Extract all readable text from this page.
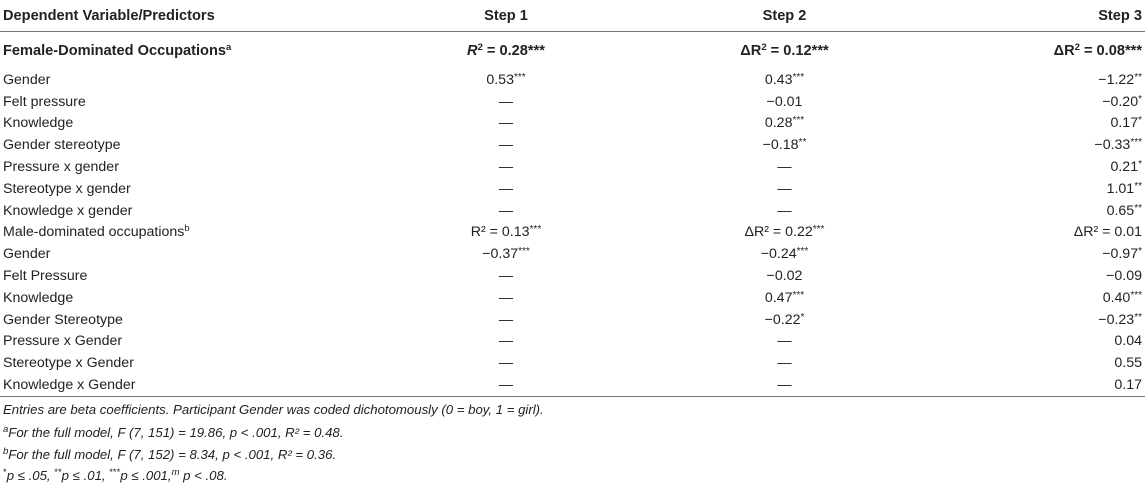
Dependent Variable/Predictors	Step 1	Step 2	Step 3
Female-Dominated Occupations$^a$	$R^2 = 0.28***$	$\Delta R^2 = 0.12***$	$\Delta R^2 = 0.08***$
Gender	0.53***	0.43***	−1.22**
Felt pressure	—	−0.01	−0.20*
Knowledge	—	0.28***	0.17*
Gender stereotype	—	−0.18**	−0.33***
Pressure x gender	—	—	0.21*
Stereotype x gender	—	—	1.01**
Knowledge x gender	—	—	0.65**
Male-dominated occupations$^b$	R² = 0.13***	ΔR² = 0.22***	ΔR² = 0.01
Gender	−0.37***	−0.24***	−0.97*
Felt Pressure	—	−0.02	−0.09
Knowledge	—	0.47***	0.40***
Gender Stereotype	—	−0.22*	−0.23**
Pressure x Gender	—	—	0.04
Stereotype x Gender	—	—	0.55
Knowledge x Gender	—	—	0.17
Entries are beta coefficients. Participant Gender was coded dichotomously (0 = boy, 1 = girl).			
$^a$For the full model, F (7, 151) = 19.86, p < .001, R² = 0.48.			
$^b$For the full model, F (7, 152) = 8.34, p < .001, R² = 0.36.			
*p ≤ .05, **p ≤ .01, ***p ≤ .001,$^m$ p < .08.			
